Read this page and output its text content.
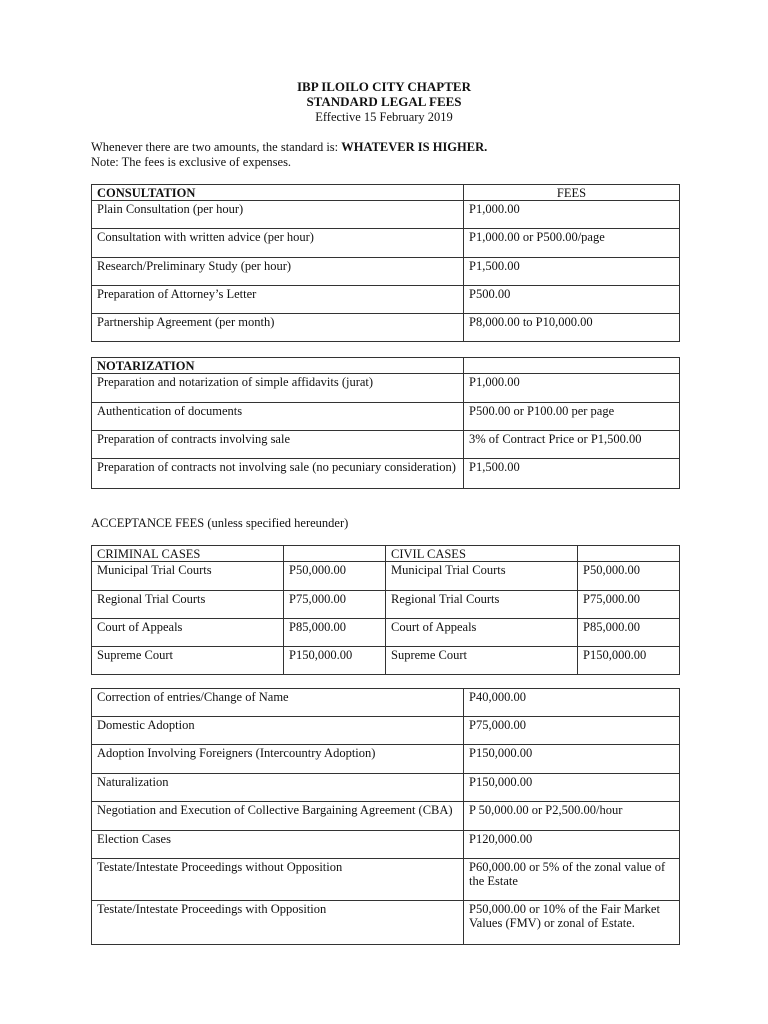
IBP ILOILO CITY CHAPTER
STANDARD LEGAL FEES
Effective 15 February 2019
Whenever there are two amounts, the standard is: WHATEVER IS HIGHER.
Note: The fees is exclusive of expenses.
CONSULTATION	FEES
Plain Consultation (per hour)	P1,000.00
Consultation with written advice (per hour)	P1,000.00 or P500.00/page
Research/Preliminary Study (per hour)	P1,500.00
Preparation of Attorney’s Letter	P500.00
Partnership Agreement (per month)	P8,000.00 to P10,000.00
NOTARIZATION	
Preparation and notarization of simple affidavits (jurat)	P1,000.00
Authentication of documents	P500.00 or P100.00 per page
Preparation of contracts involving sale	3% of Contract Price or P1,500.00
Preparation of contracts not involving sale (no pecuniary consideration)	P1,500.00
ACCEPTANCE FEES (unless specified hereunder)
CRIMINAL CASES		CIVIL CASES	
Municipal Trial Courts	P50,000.00	Municipal Trial Courts	P50,000.00
Regional Trial Courts	P75,000.00	Regional Trial Courts	P75,000.00
Court of Appeals	P85,000.00	Court of Appeals	P85,000.00
Supreme Court	P150,000.00	Supreme Court	P150,000.00
Correction of entries/Change of Name	P40,000.00
Domestic Adoption	P75,000.00
Adoption Involving Foreigners (Intercountry Adoption)	P150,000.00
Naturalization	P150,000.00
Negotiation and Execution of Collective Bargaining Agreement (CBA)	P 50,000.00 or P2,500.00/hour
Election Cases	P120,000.00
Testate/Intestate Proceedings without Opposition	P60,000.00 or 5% of the zonal value of the Estate
Testate/Intestate Proceedings with Opposition	P50,000.00 or 10% of the Fair Market Values (FMV) or zonal of Estate.
